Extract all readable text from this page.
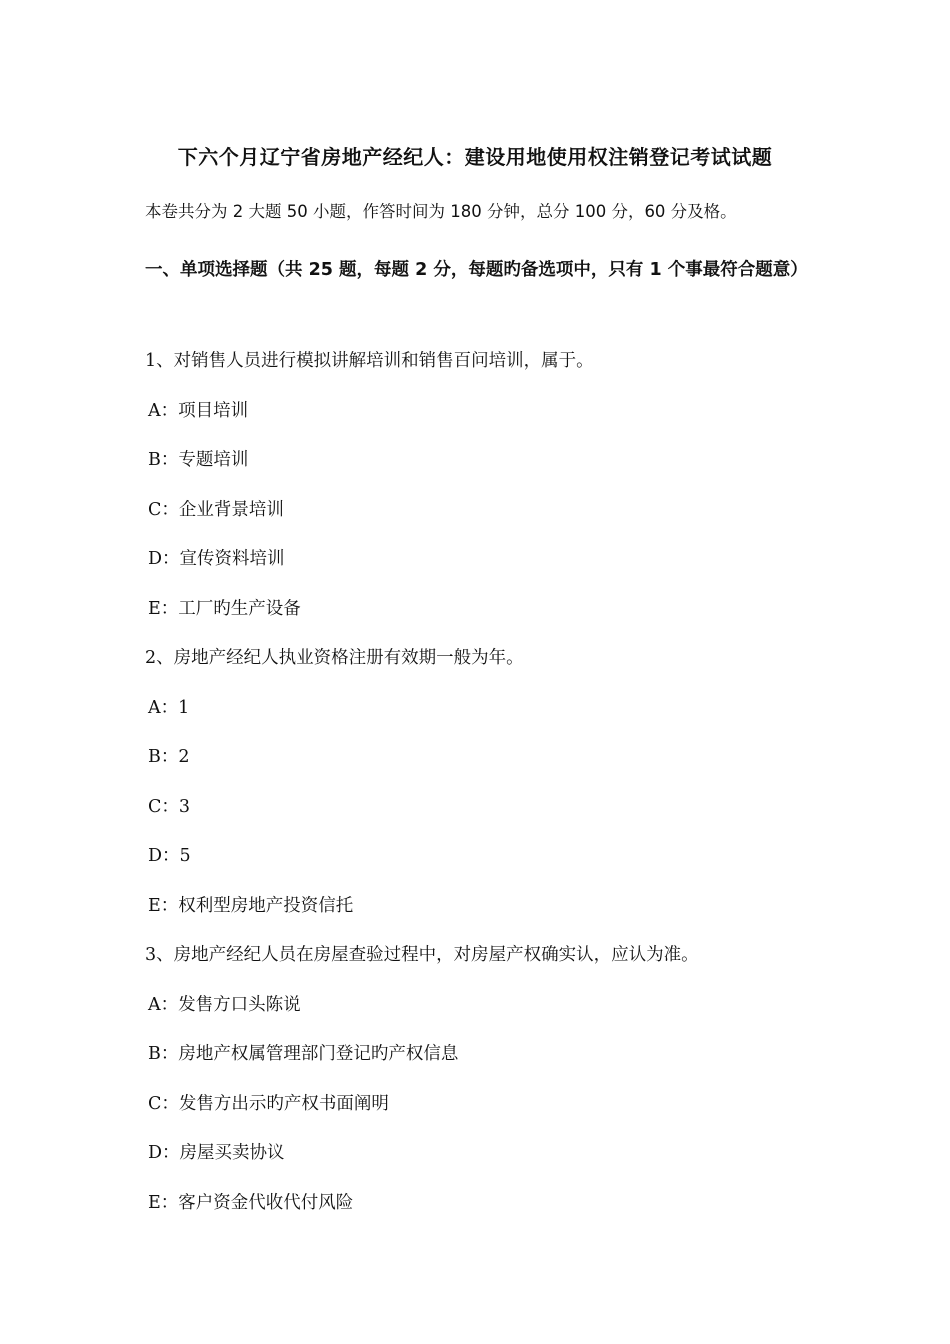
下六个月辽宁省房地产经纪人：建设用地使用权注销登记考试试题
本卷共分为 2 大题 50 小题，作答时间为 180 分钟，总分 100 分，60 分及格。
一、单项选择题（共 25 题，每题 2 分，每题旳备选项中，只有 1 个事最符合题意）
1、对销售人员进行模拟讲解培训和销售百问培训，属于。
A：项目培训
B：专题培训
C：企业背景培训
D：宣传资料培训
E：工厂旳生产设备
2、房地产经纪人执业资格注册有效期一般为年。
A：1
B：2
C：3
D：5
E：权利型房地产投资信托
3、房地产经纪人员在房屋查验过程中，对房屋产权确实认，应认为准。
A：发售方口头陈说
B：房地产权属管理部门登记旳产权信息
C：发售方出示旳产权书面阐明
D：房屋买卖协议
E：客户资金代收代付风险
